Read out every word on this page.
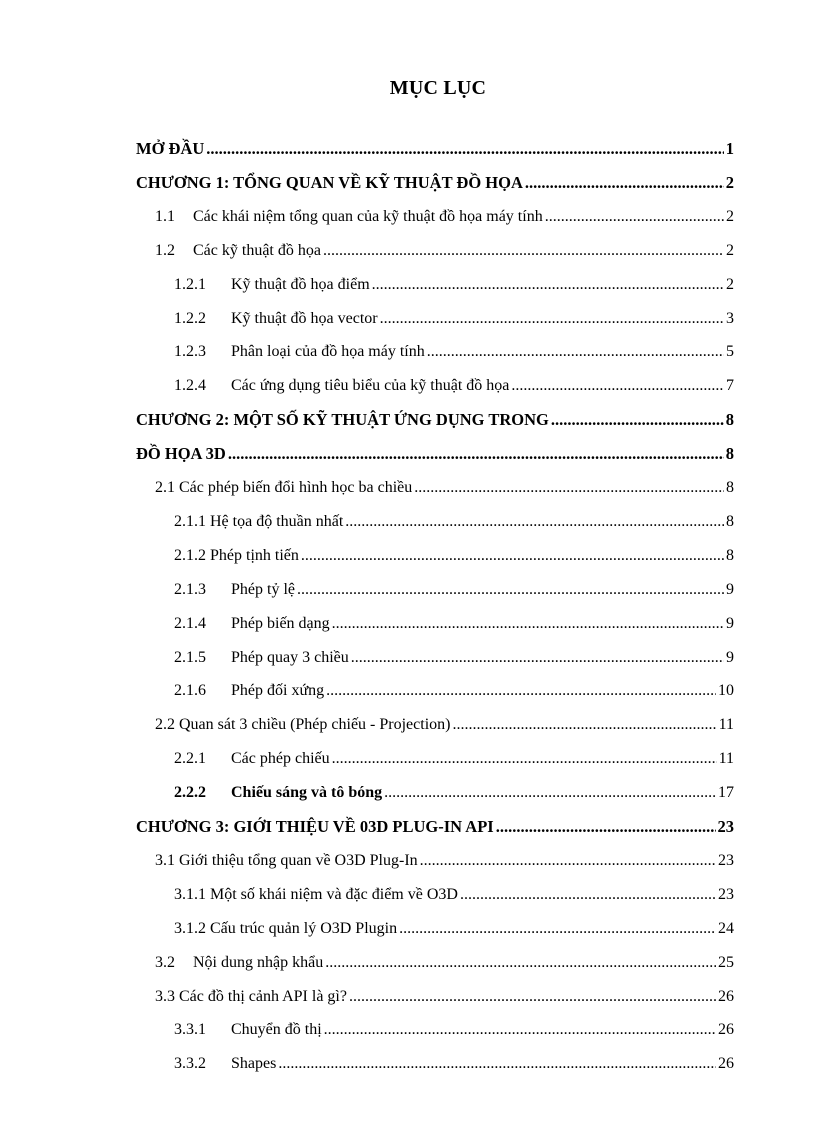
MỤC LỤC
MỞ ĐẦU .....	1
CHƯƠNG 1: TỔNG QUAN VỀ KỸ THUẬT ĐỒ HỌA .....	2
1.1	Các khái niệm tổng quan của kỹ thuật đồ họa máy tính .....	2
1.2	Các kỹ thuật đồ họa .....	2
1.2.1	Kỹ thuật đồ họa điểm .....	2
1.2.2	Kỹ thuật đồ họa vector .....	3
1.2.3	Phân loại của đồ họa máy tính .....	5
1.2.4	Các ứng dụng tiêu biểu của kỹ thuật đồ họa .....	7
CHƯƠNG 2: MỘT SỐ KỸ THUẬT ỨNG DỤNG TRONG .....	8
ĐỒ HỌA 3D .....	8
2.1 Các phép biến đổi hình học ba chiều .....	8
2.1.1 Hệ tọa độ thuần nhất .....	8
2.1.2 Phép tịnh tiến .....	8
2.1.3	Phép tỷ lệ .....	9
2.1.4	Phép biến dạng .....	9
2.1.5	Phép quay 3 chiều .....	9
2.1.6	Phép đối xứng .....	10
2.2 Quan sát 3 chiều (Phép chiếu - Projection) .....	11
2.2.1	Các phép chiếu .....	11
2.2.2	Chiếu sáng và tô bóng .....	17
CHƯƠNG 3: GIỚI THIỆU VỀ 03D PLUG-IN API .....	23
3.1 Giới thiệu tổng quan về O3D Plug-In .....	23
3.1.1 Một số khái niệm và đặc điểm về O3D .....	23
3.1.2 Cấu trúc quản lý O3D Plugin .....	24
3.2	Nội dung nhập khẩu .....	25
3.3 Các đồ thị cảnh API là gì? .....	26
3.3.1	Chuyển đồ thị .....	26
3.3.2	Shapes .....	26
